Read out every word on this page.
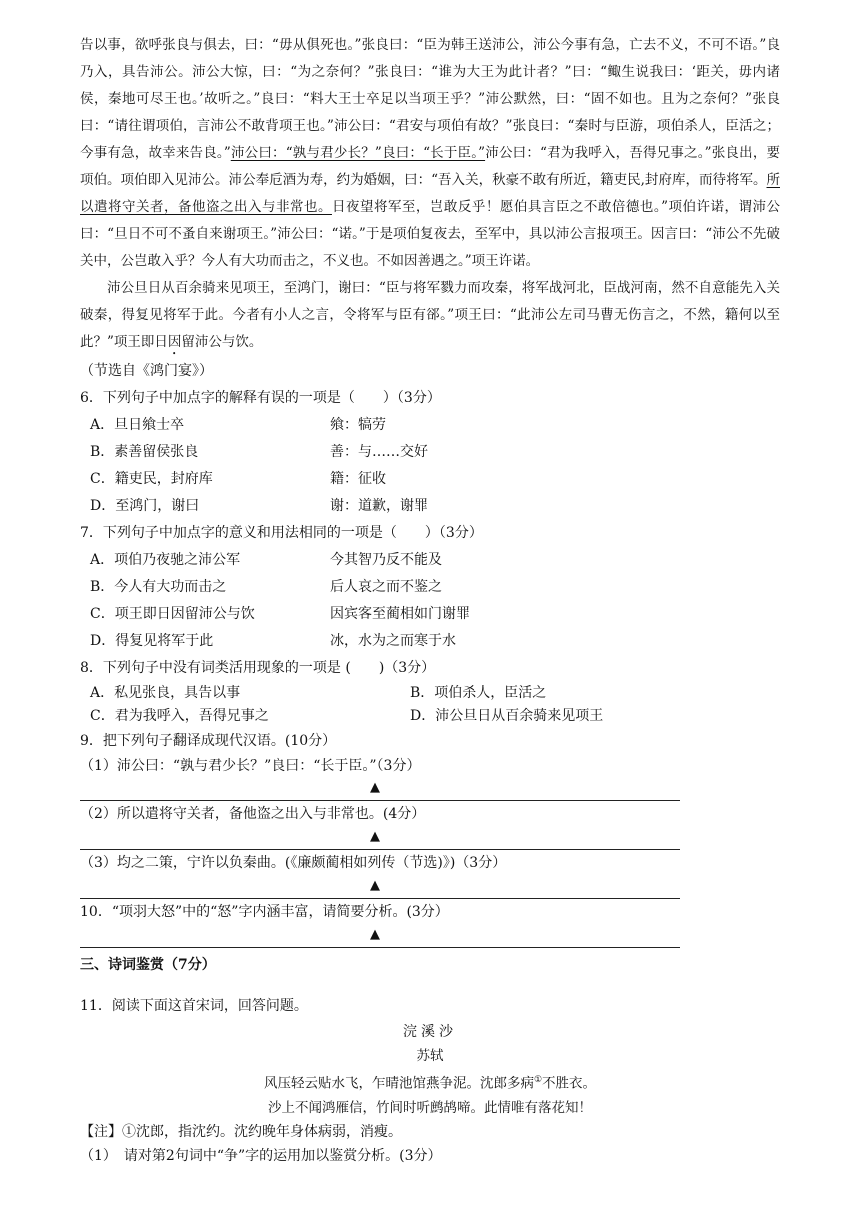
告以事，欲呼张良与俱去，曰：“毋从俱死也。”张良曰：“臣为韩王送沛公，沛公今事有急，亡去不义，不可不语。”良乃入，具告沛公。沛公大惊，曰：“为之奈何？”张良曰：“谁为大王为此计者？”曰：“鲰生说我曰：‘距关，毋内诸侯，秦地可尽王也。’故听之。”良曰：“料大王士卒足以当项王乎？”沛公默然，曰：“固不如也。且为之奈何？”张良曰：“请往谓项伯，言沛公不敢背项王也。”沛公曰：“君安与项伯有故？”张良曰：“秦时与臣游，项伯杀人，臣活之；今事有急，故幸来告良。”沛公曰：“孰与君少长？”良曰：“长于臣。”沛公曰：“君为我呼入，吾得兄事之。”张良出，要项伯。项伯即入见沛公。沛公奉卮酒为寿，约为婚姻，曰：“吾入关，秋豪不敢有所近，籍吏民,封府库，而待将军。所以遣将守关者，备他盗之出入与非常也。日夜望将军至，岂敢反乎！愿伯具言臣之不敢倍德也。”项伯许诺，谓沛公曰：“旦日不可不蚤自来谢项王。”沛公曰：“诺。”于是项伯复夜去，至军中，具以沛公言报项王。因言曰：“沛公不先破关中，公岂敢入乎？今人有大功而击之，不义也。不如因善遇之。”项王许诺。

沛公旦日从百余骑来见项王，至鸿门，谢曰：“臣与将军戮力而攻秦，将军战河北，臣战河南，然不自意能先入关破秦，得复见将军于此。今者有小人之言，令将军与臣有郤。”项王曰：“此沛公左司马曹无伤言之，不然，籍何以至此？”项王即日因留沛公与饮。

（节选自《鸿门宴》）

6．下列句子中加点字的解释有误的一项是（　　）（3分）

A．旦日飨士卒	飨：犒劳
B．素善留侯张良	善：与……交好
C．籍吏民，封府库	籍：征收
D．至鸿门，谢曰	谢：道歉，谢罪

7．下列句子中加点字的意义和用法相同的一项是（　　）（3分）

A．项伯乃夜驰之沛公军	今其智乃反不能及
B．今人有大功而击之	后人哀之而不鉴之
C．项王即日因留沛公与饮	因宾客至蔺相如门谢罪
D．得复见将军于此	冰，水为之而寒于水

8．下列句子中没有词类活用现象的一项是 (　　)（3分）

A．私见张良，具告以事	B．项伯杀人，臣活之
C．君为我呼入，吾得兄事之	D．沛公旦日从百余骑来见项王

9．把下列句子翻译成现代汉语。(10分）

（1）沛公曰：“孰与君少长？”良曰：“长于臣。”（3分）

▲

（2）所以遣将守关者，备他盗之出入与非常也。(4分）

▲

（3）均之二策，宁许以负秦曲。(《廉颇蔺相如列传（节选)》)（3分）

▲

10．“项羽大怒”中的“怒”字内涵丰富，请简要分析。(3分）

▲

三、诗词鉴赏（7分）

11．阅读下面这首宋词，回答问题。

浣溪沙
苏轼
风压轻云贴水飞，乍晴池馆燕争泥。沈郎多病①不胜衣。
沙上不闻鸿雁信，竹间时听鹧鸪啼。此情唯有落花知！

【注】①沈郎，指沈约。沈约晚年身体病弱，消瘦。

（1）　请对第2句词中“争”字的运用加以鉴赏分析。(3分）
